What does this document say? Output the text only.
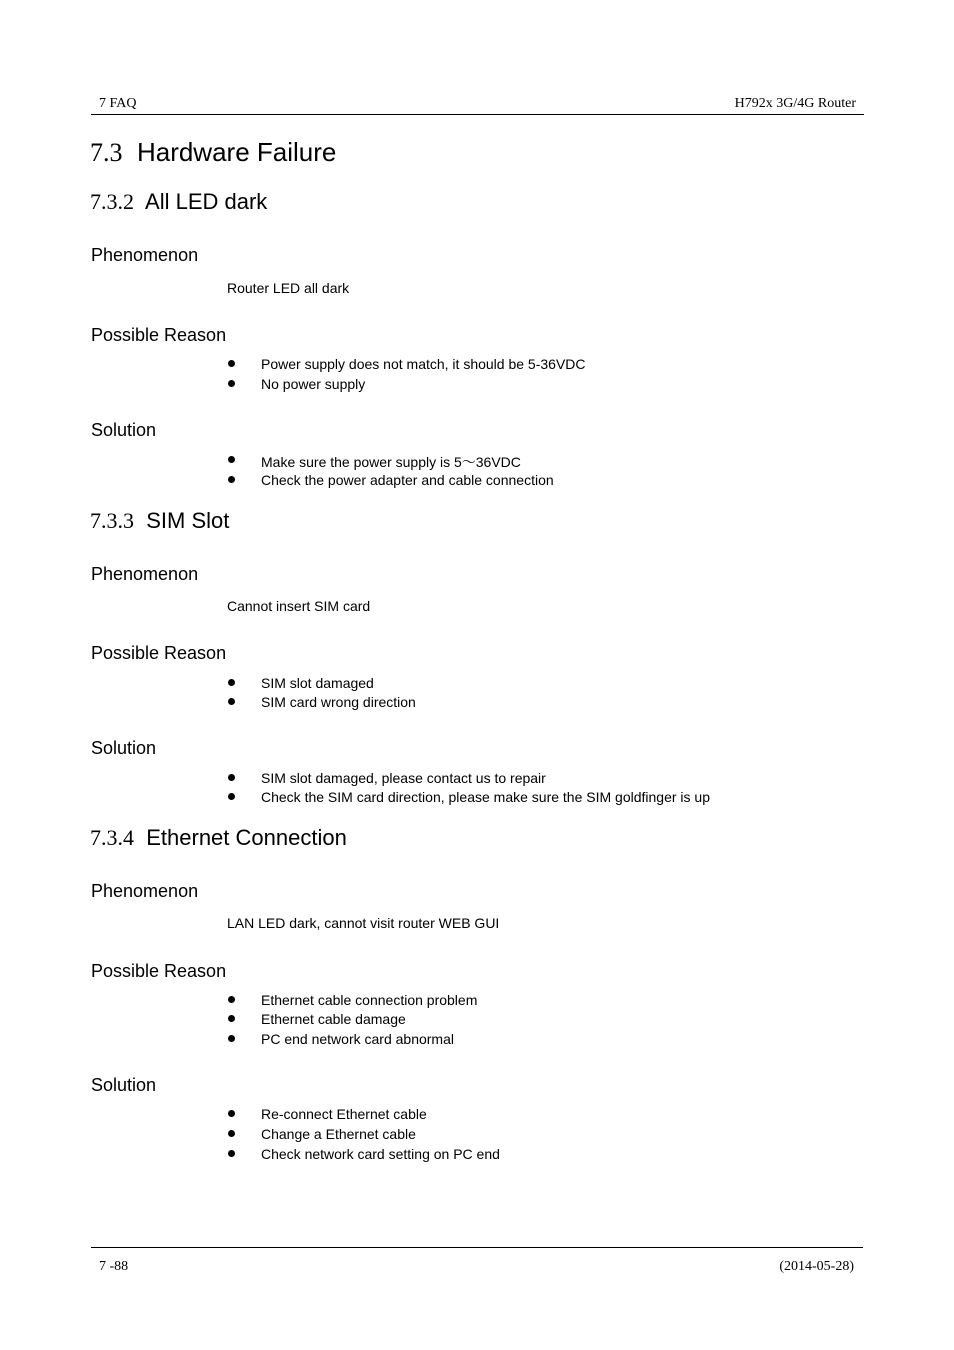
7 FAQ	H792x 3G/4G Router
7.3 Hardware Failure
7.3.2 All LED dark
Phenomenon
Router LED all dark
Possible Reason
Power supply does not match, it should be 5-36VDC
No power supply
Solution
Make sure the power supply is 5～36VDC
Check the power adapter and cable connection
7.3.3 SIM Slot
Phenomenon
Cannot insert SIM card
Possible Reason
SIM slot damaged
SIM card wrong direction
Solution
SIM slot damaged, please contact us to repair
Check the SIM card direction, please make sure the SIM goldfinger is up
7.3.4 Ethernet Connection
Phenomenon
LAN LED dark, cannot visit router WEB GUI
Possible Reason
Ethernet cable connection problem
Ethernet cable damage
PC end network card abnormal
Solution
Re-connect Ethernet cable
Change a Ethernet cable
Check network card setting on PC end
7 -88	(2014-05-28)
